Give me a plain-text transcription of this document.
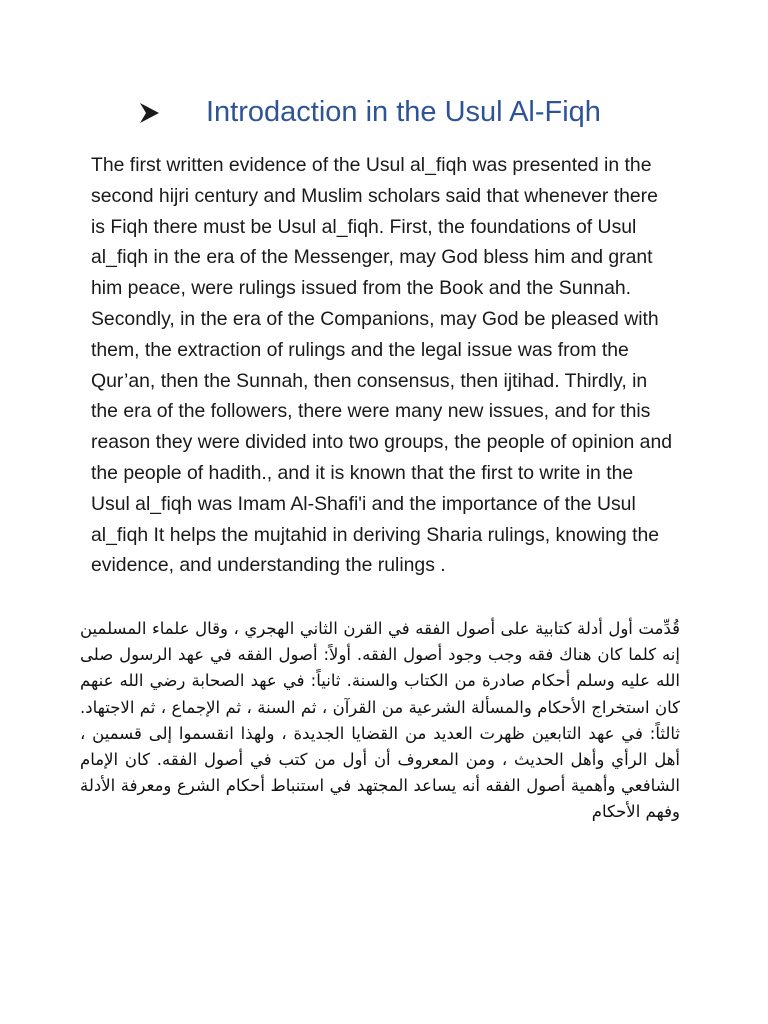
Introdaction in the Usul Al-Fiqh

The first written evidence of the Usul al_fiqh was presented in the second hijri century and Muslim scholars said that whenever there is Fiqh there must be Usul al_fiqh. First, the foundations of Usul al_fiqh in the era of the Messenger, may God bless him and grant him peace, were rulings issued from the Book and the Sunnah. Secondly, in the era of the Companions, may God be pleased with them, the extraction of rulings and the legal issue was from the Qur’an, then the Sunnah, then consensus, then ijtihad. Thirdly, in the era of the followers, there were many new issues, and for this reason they were divided into two groups, the people of opinion and the people of hadith., and it is known that the first to write in the Usul al_fiqh was Imam Al-Shafi'i and the importance of the Usul al_fiqh It helps the mujtahid in deriving Sharia rulings, knowing the evidence, and understanding the rulings .

قُدِّمت أول أدلة كتابية على أصول الفقه في القرن الثاني الهجري ، وقال علماء المسلمين إنه كلما كان هناك فقه وجب وجود أصول الفقه. أولاً: أصول الفقه في عهد الرسول صلى الله عليه وسلم أحكام صادرة من الكتاب والسنة. ثانياً: في عهد الصحابة رضي الله عنهم كان استخراج الأحكام والمسألة الشرعية من القرآن ، ثم السنة ، ثم الإجماع ، ثم الاجتهاد. ثالثاً: في عهد التابعين ظهرت العديد من القضايا الجديدة ، ولهذا انقسموا إلى قسمين ، أهل الرأي وأهل الحديث ، ومن المعروف أن أول من كتب في أصول الفقه. كان الإمام الشافعي وأهمية أصول الفقه أنه يساعد المجتهد في استنباط أحكام الشرع ومعرفة الأدلة وفهم الأحكام
